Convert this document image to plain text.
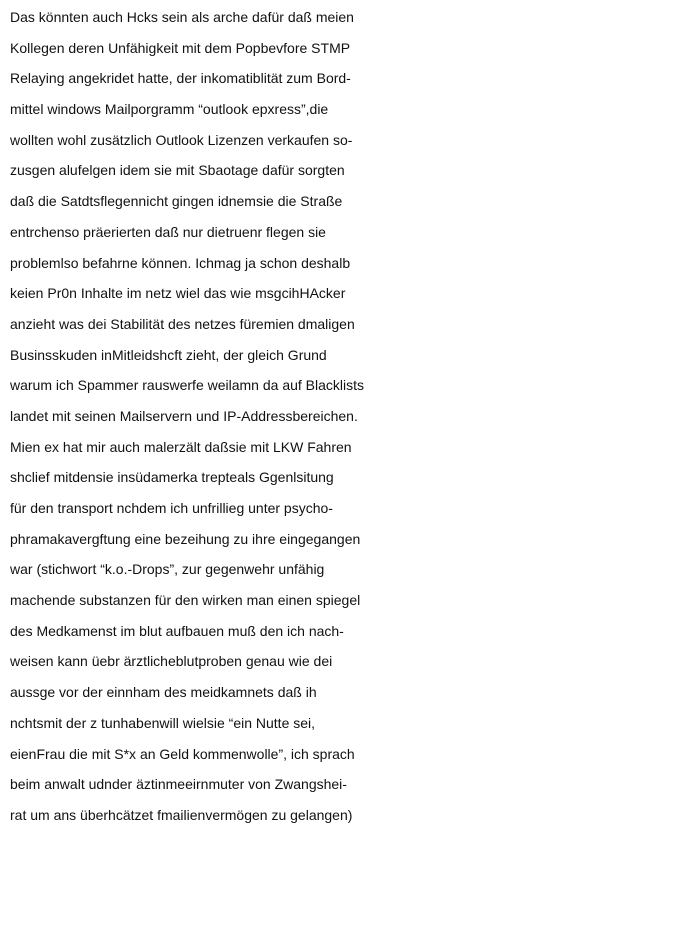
Das könnten auch Hcks sein als arche dafür daß meien
Kollegen deren Unfähigkeit mit dem Popbevfore STMP
Relaying angekridet hatte, der inkomatiblität zum Bord-
mittel windows Mailporgramm “outlook epxress”,die
wollten wohl zusätzlich Outlook Lizenzen verkaufen so-
zusgen alufelgen idem sie mit Sbaotage dafür sorgten
daß die Satdtsflegennicht gingen idnemsie die Straße
entrchenso präerierten daß nur dietruenr flegen sie
problemlso befahrne können. Ichmag ja schon deshalb
keien Pr0n Inhalte im netz wiel das wie msgcihHAcker
anzieht was dei Stabilität des netzes füremien dmaligen
Businsskuden inMitleidshcft zieht, der gleich Grund
warum ich Spammer rauswerfe weilamn da auf Blacklists
landet mit seinen Mailservern und IP-Addressbereichen.
Mien ex hat mir auch malerzält daßsie mit LKW Fahren
shclief mitdensie insüdamerka trepteals Ggenlsitung
für den transport nchdem ich unfrillieg unter psycho-
phramakavergftung eine bezeihung zu ihre eingegangen
war (stichwort “k.o.-Drops”, zur gegenwehr unfähig
machende substanzen für den wirken man einen spiegel
des Medkamenst im blut aufbauen muß den ich nach-
weisen kann üebr ärztlicheblutproben genau wie dei
aussge vor der einnham des meidkamnets daß ih
nchtsmit der z tunhabenwill wielsie “ein Nutte sei,
eienFrau die mit S*x an Geld kommenwolle”, ich sprach
beim anwalt udnder äztinmeeirnmuter von Zwangshei-
rat um ans überhcätzet fmailienvermögen zu gelangen)
